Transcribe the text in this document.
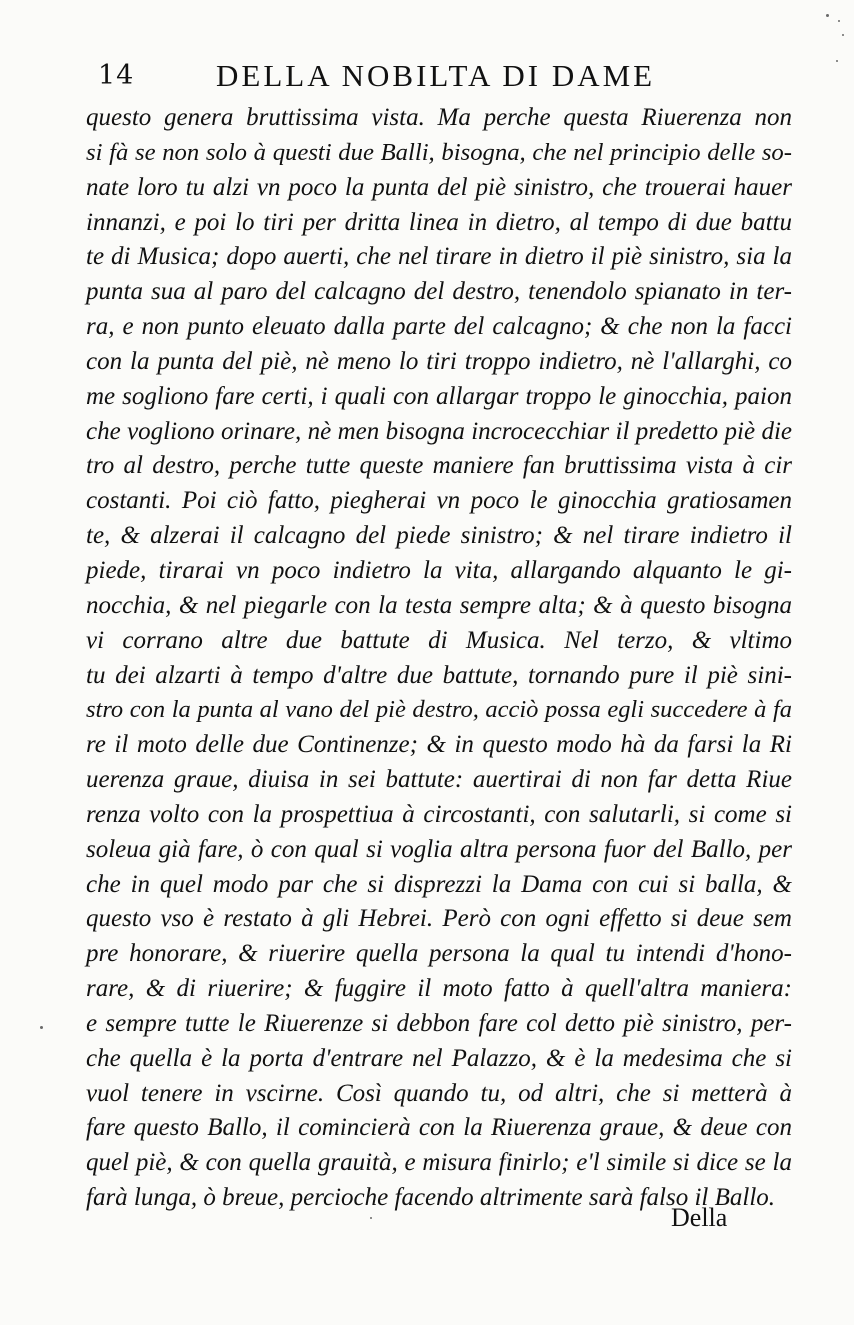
14	DELLA NOBILTA DI DAME
questo genera bruttissima vista. Ma perche questa Riuerenza non
si fà se non solo à questi due Balli, bisogna, che nel principio delle so-
nate loro tu alzi vn poco la punta del piè sinistro, che trouerai hauer
innanzi, e poi lo tiri per dritta linea in dietro, al tempo di due battu
te di Musica; dopo auerti, che nel tirare in dietro il piè sinistro, sia la
punta sua al paro del calcagno del destro, tenendolo spianato in ter-
ra, e non punto eleuato dalla parte del calcagno; & che non la facci
con la punta del piè, nè meno lo tiri troppo indietro, nè l'allarghi, co
me sogliono fare certi, i quali con allargar troppo le ginocchia, paion
che vogliono orinare, nè men bisogna incrocecchiar il predetto piè die
tro al destro, perche tutte queste maniere fan bruttissima vista à cir
costanti. Poi ciò fatto, piegherai vn poco le ginocchia gratiosamen
te, & alzerai il calcagno del piede sinistro; & nel tirare indietro il
piede, tirarai vn poco indietro la vita, allargando alquanto le gi-
nocchia, & nel piegarle con la testa sempre alta; & à questo bisogna
vi corrano altre due battute di Musica. Nel terzo, & vltimo
tu dei alzarti à tempo d'altre due battute, tornando pure il piè sini-
stro con la punta al vano del piè destro, acciò possa egli succedere à fa
re il moto delle due Continenze; & in questo modo hà da farsi la Ri
uerenza graue, diuisa in sei battute: auertirai di non far detta Riue
renza volto con la prospettiua à circostanti, con salutarli, si come si
soleua già fare, ò con qual si voglia altra persona fuor del Ballo, per
che in quel modo par che si disprezzi la Dama con cui si balla, &
questo vso è restato à gli Hebrei. Però con ogni effetto si deue sem
pre honorare, & riuerire quella persona la qual tu intendi d'hono-
rare, & di riuerire; & fuggire il moto fatto à quell'altra maniera:
e sempre tutte le Riuerenze si debbon fare col detto piè sinistro, per-
che quella è la porta d'entrare nel Palazzo, & è la medesima che si
vuol tenere in vscirne. Così quando tu, od altri, che si metterà à
fare questo Ballo, il comincierà con la Riuerenza graue, & deue con
quel piè, & con quella grauità, e misura finirlo; e'l simile si dice se la
farà lunga, ò breue, percioche facendo altrimente sarà falso il Ballo.
Della
